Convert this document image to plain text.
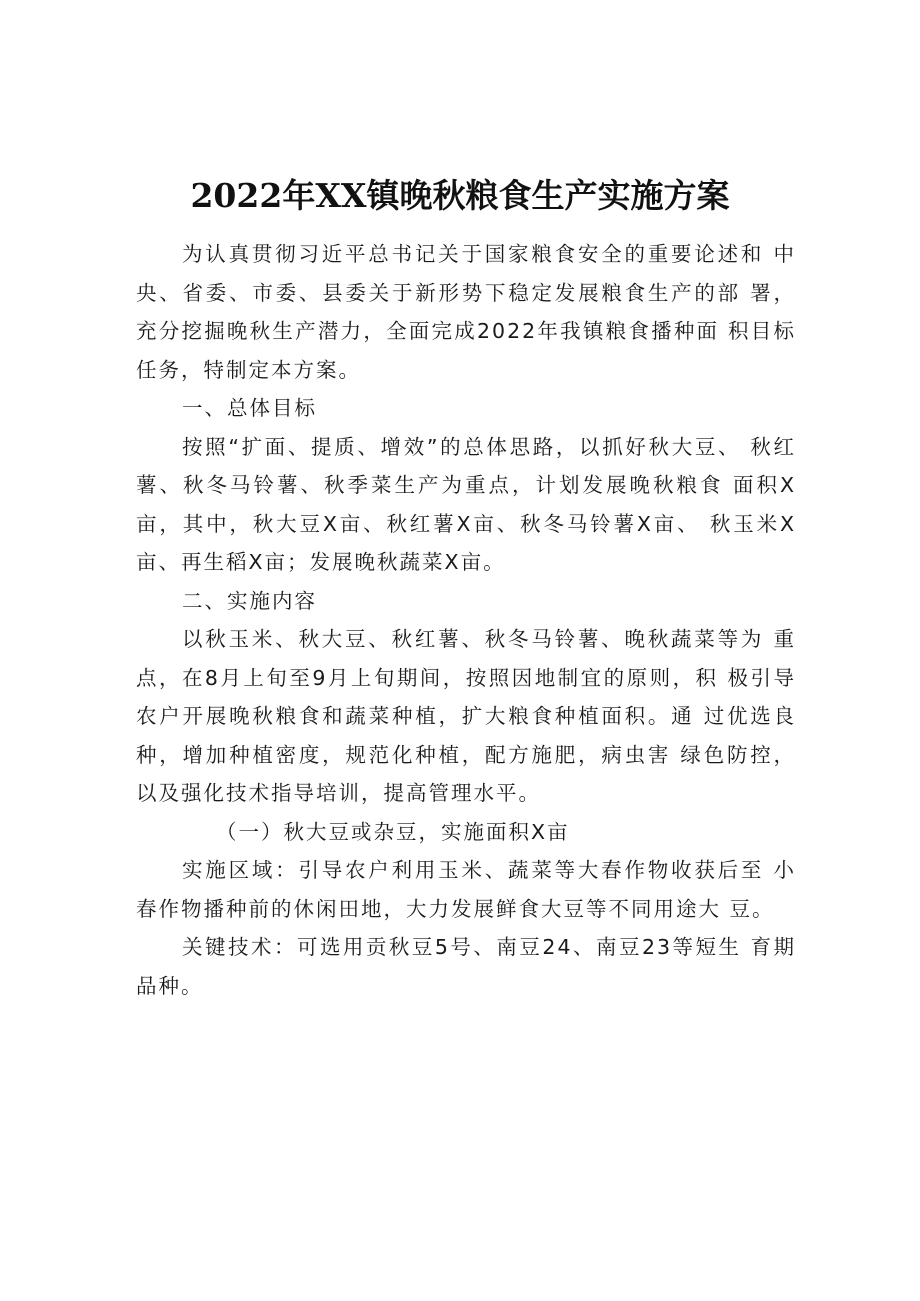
2022年XX镇晚秋粮食生产实施方案

为认真贯彻习近平总书记关于国家粮食安全的重要论述和 中央、省委、市委、县委关于新形势下稳定发展粮食生产的部 署，充分挖掘晚秋生产潜力，全面完成2022年我镇粮食播种面 积目标任务，特制定本方案。

一、总体目标

按照“扩面、提质、增效”的总体思路，以抓好秋大豆、 秋红薯、秋冬马铃薯、秋季菜生产为重点，计划发展晚秋粮食 面积X亩，其中，秋大豆X亩、秋红薯X亩、秋冬马铃薯X亩、 秋玉米X亩、再生稻X亩；发展晚秋蔬菜X亩。

二、实施内容

以秋玉米、秋大豆、秋红薯、秋冬马铃薯、晚秋蔬菜等为 重点，在8月上旬至9月上旬期间，按照因地制宜的原则，积 极引导农户开展晚秋粮食和蔬菜种植，扩大粮食种植面积。通 过优选良种，增加种植密度，规范化种植，配方施肥，病虫害 绿色防控，以及强化技术指导培训，提高管理水平。

（一）秋大豆或杂豆，实施面积X亩

实施区域：引导农户利用玉米、蔬菜等大春作物收获后至 小春作物播种前的休闲田地，大力发展鲜食大豆等不同用途大 豆。

关键技术：可选用贡秋豆5号、南豆24、南豆23等短生 育期品种。
